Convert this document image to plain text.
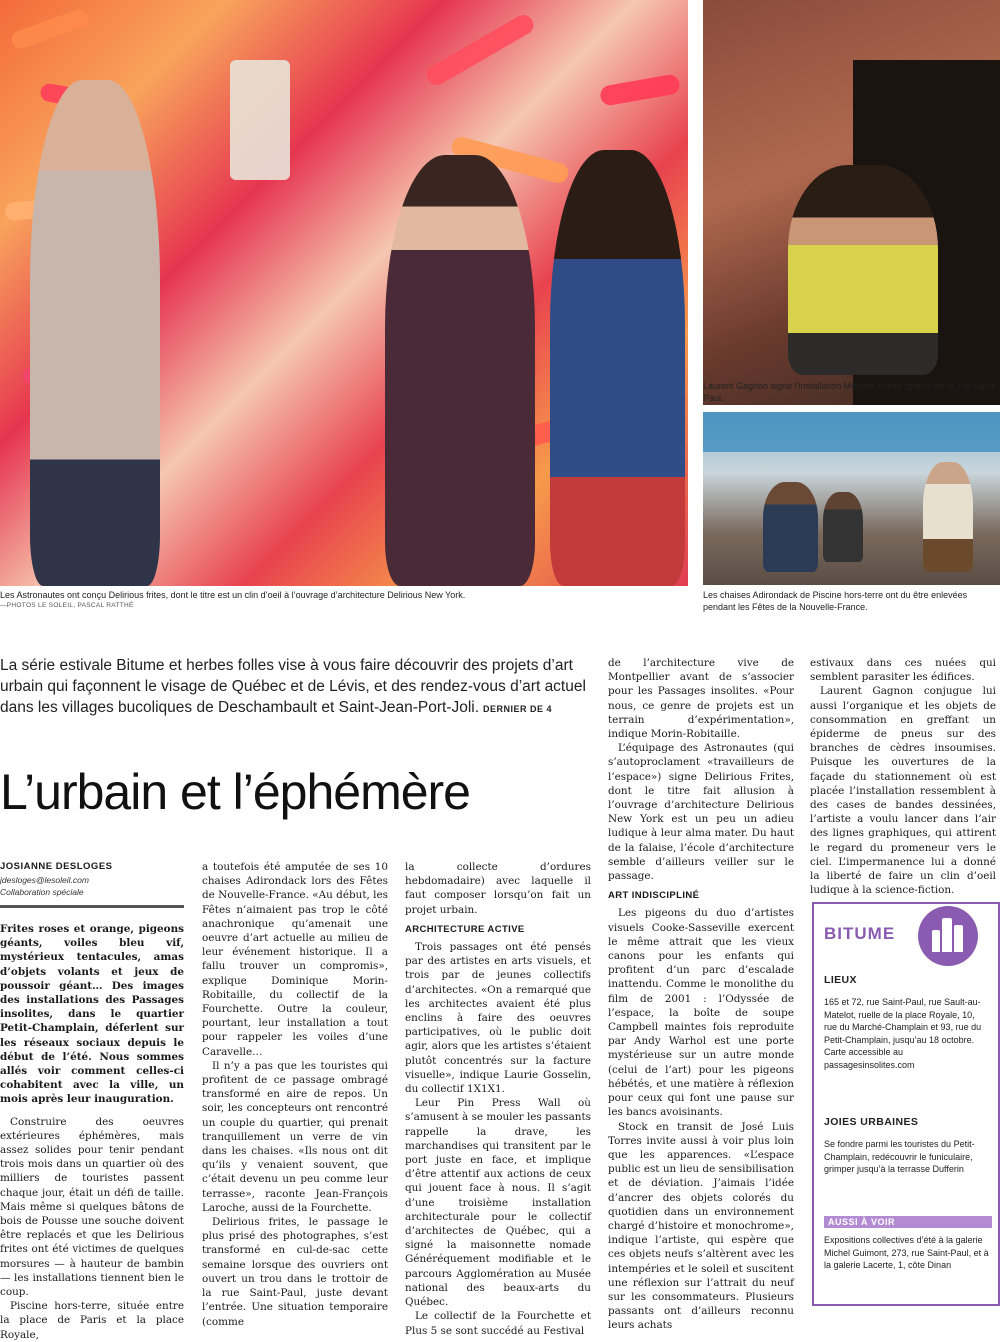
Les Astronautes ont conçu Delirious frites, dont le titre est un clin d’oeil à l’ouvrage d’architecture Delirious New York.
—PHOTOS LE SOLEIL, PASCAL RATTHÉ
Laurent Gagnon signe l’installation Mèches noires (grand vent), rue Saint-Paul.
Les chaises Adirondack de Piscine hors-terre ont du être enlevées pendant les Fêtes de la Nouvelle-France.
La série estivale Bitume et herbes folles vise à vous faire découvrir des projets d’art urbain qui façonnent le visage de Québec et de Lévis, et des rendez-vous d’art actuel dans les villages bucoliques de Deschambault et Saint-Jean-Port-Joli. DERNIER DE 4
L’urbain et l’éphémère
JOSIANNE DESLOGES
jdesloges@lesoleil.com
Collaboration spéciale

Frites roses et orange, pigeons géants, voiles bleu vif, mystérieux tentacules, amas d’objets volants et jeux de poussoir géant… Des images des installations des Passages insolites, dans le quartier Petit-Champlain, déferlent sur les réseaux sociaux depuis le début de l’été. Nous sommes allés voir comment celles-ci cohabitent avec la ville, un mois après leur inauguration.

Construire des oeuvres extérieures éphémères, mais assez solides pour tenir pendant trois mois dans un quartier où des milliers de touristes passent chaque jour, était un défi de taille. Mais même si quelques bâtons de bois de Pousse une souche doivent être replacés et que les Delirious frites ont été victimes de quelques morsures — à hauteur de bambin — les installations tiennent bien le coup.

Piscine hors-terre, située entre la place de Paris et la place Royale,

a toutefois été amputée de ses 10 chaises Adirondack lors des Fêtes de Nouvelle-France. «Au début, les Fêtes n’aimaient pas trop le côté anachronique qu’amenait une oeuvre d’art actuelle au milieu de leur événement historique. Il a fallu trouver un compromis», explique Dominique Morin-Robitaille, du collectif de la Fourchette. Outre la couleur, pourtant, leur installation a tout pour rappeler les voiles d’une Caravelle…

Il n’y a pas que les touristes qui profitent de ce passage ombragé transformé en aire de repos. Un soir, les concepteurs ont rencontré un couple du quartier, qui prenait tranquillement un verre de vin dans les chaises. «Ils nous ont dit qu’ils y venaient souvent, que c’était devenu un peu comme leur terrasse», raconte Jean-François Laroche, aussi de la Fourchette.

Delirious frites, le passage le plus prisé des photographes, s’est transformé en cul-de-sac cette semaine lorsque des ouvriers ont ouvert un trou dans le trottoir de la rue Saint-Paul, juste devant l’entrée. Une situation temporaire (comme

la collecte d’ordures hebdomadaire) avec laquelle il faut composer lorsqu’on fait un projet urbain.

ARCHITECTURE ACTIVE

Trois passages ont été pensés par des artistes en arts visuels, et trois par de jeunes collectifs d’architectes. «On a remarqué que les architectes avaient été plus enclins à faire des oeuvres participatives, où le public doit agir, alors que les artistes s’étaient plutôt concentrés sur la facture visuelle», indique Laurie Gosselin, du collectif 1X1X1.

Leur Pin Press Wall où s’amusent à se mouler les passants rappelle la drave, les marchandises qui transitent par le port juste en face, et implique d’être attentif aux actions de ceux qui jouent face à nous. Il s’agit d’une troisième installation architecturale pour le collectif d’architectes de Québec, qui a signé la maisonnette nomade Généréquement modifiable et le parcours Agglomération au Musée national des beaux-arts du Québec.

Le collectif de la Fourchette et Plus 5 se sont succédé au Festival

de l’architecture vive de Montpellier avant de s’associer pour les Passages insolites. «Pour nous, ce genre de projets est un terrain d’expérimentation», indique Morin-Robitaille.

L’équipage des Astronautes (qui s’autoproclament «travailleurs de l’espace») signe Delirious Frites, dont le titre fait allusion à l’ouvrage d’architecture Delirious New York est un peu un adieu ludique à leur alma mater. Du haut de la falaise, l’école d’architecture semble d’ailleurs veiller sur le passage.

ART INDISCIPLINÉ

Les pigeons du duo d’artistes visuels Cooke-Sasseville exercent le même attrait que les vieux canons pour les enfants qui profitent d’un parc d’escalade inattendu. Comme le monolithe du film de 2001 : l’Odyssée de l’espace, la boîte de soupe Campbell maintes fois reproduite par Andy Warhol est une porte mystérieuse sur un autre monde (celui de l’art) pour les pigeons hébétés, et une matière à réflexion pour ceux qui font une pause sur les bancs avoisinants.

Stock en transit de José Luis Torres invite aussi à voir plus loin que les apparences. «L’espace public est un lieu de sensibilisation et de déviation. J’aimais l’idée d’ancrer des objets colorés du quotidien dans un environnement chargé d’histoire et monochrome», indique l’artiste, qui espère que ces objets neufs s’altèrent avec les intempéries et le soleil et suscitent une réflexion sur l’attrait du neuf sur les consommateurs. Plusieurs passants ont d’ailleurs reconnu leurs achats

estivaux dans ces nuées qui semblent parasiter les édifices.

Laurent Gagnon conjugue lui aussi l’organique et les objets de consommation en greffant un épiderme de pneus sur des branches de cèdres insoumises. Puisque les ouvertures de la façade du stationnement où est placée l’installation ressemblent à des cases de bandes dessinées, l’artiste a voulu lancer dans l’air des lignes graphiques, qui attirent le regard du promeneur vers le ciel. L’impermanence lui a donné la liberté de faire un clin d’oeil ludique à la science-fiction.

BITUME
LIEUX
165 et 72, rue Saint-Paul, rue Sault-au-Matelot, ruelle de la place Royale, 10, rue du Marché-Champlain et 93, rue du Petit-Champlain, jusqu’au 18 octobre. Carte accessible au passagesinsolites.com
JOIES URBAINES
Se fondre parmi les touristes du Petit-Champlain, redécouvrir le funiculaire, grimper jusqu’à la terrasse Dufferin
AUSSI À VOIR
Expositions collectives d’été à la galerie Michel Guimont, 273, rue Saint-Paul, et à la galerie Lacerte, 1, côte Dinan
